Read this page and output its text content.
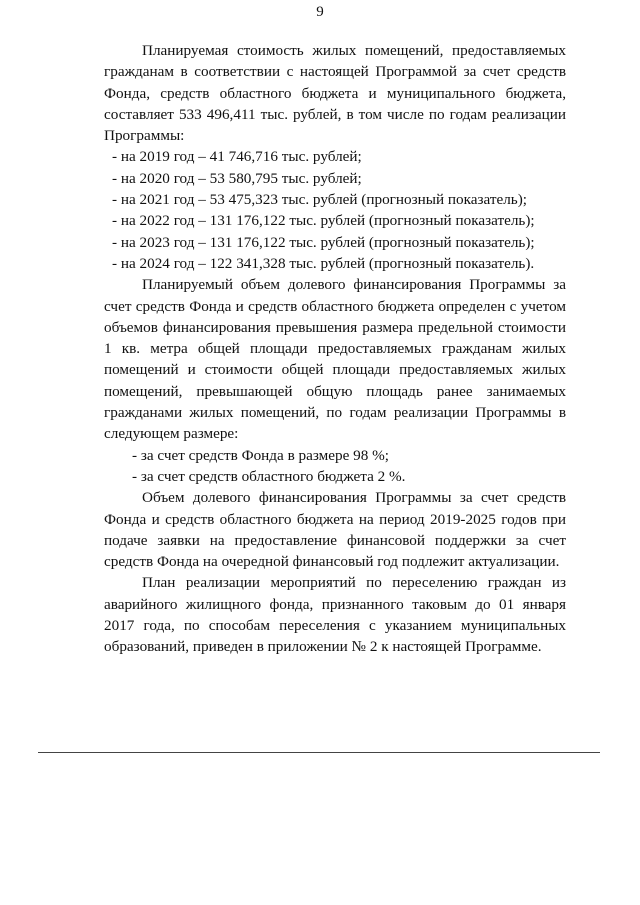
9

Планируемая стоимость жилых помещений, предоставляемых гражданам в соответствии с настоящей Программой за счет средств Фонда, средств областного бюджета и муниципального бюджета, составляет 533 496,411 тыс. рублей, в том числе по годам реализации Программы:

- на 2019 год – 41 746,716 тыс. рублей;
- на 2020 год – 53 580,795 тыс. рублей;
- на 2021 год – 53 475,323 тыс. рублей (прогнозный показатель);
- на 2022 год – 131 176,122 тыс. рублей (прогнозный показатель);
- на 2023 год – 131 176,122 тыс. рублей (прогнозный показатель);
- на 2024 год – 122 341,328 тыс. рублей (прогнозный показатель).

Планируемый объем долевого финансирования Программы за счет средств Фонда и средств областного бюджета определен с учетом объемов финансирования превышения размера предельной стоимости 1 кв. метра общей площади предоставляемых гражданам жилых помещений и стоимости общей площади предоставляемых жилых помещений, превышающей общую площадь ранее занимаемых гражданами жилых помещений, по годам реализации Программы в следующем размере:

- за счет средств Фонда в размере 98 %;
- за счет средств областного бюджета 2 %.

Объем долевого финансирования Программы за счет средств Фонда и средств областного бюджета на период 2019-2025 годов при подаче заявки на предоставление финансовой поддержки за счет средств Фонда на очередной финансовый год подлежит актуализации.

План реализации мероприятий по переселению граждан из аварийного жилищного фонда, признанного таковым до 01 января 2017 года, по способам переселения с указанием муниципальных образований, приведен в приложении № 2 к настоящей Программе.
